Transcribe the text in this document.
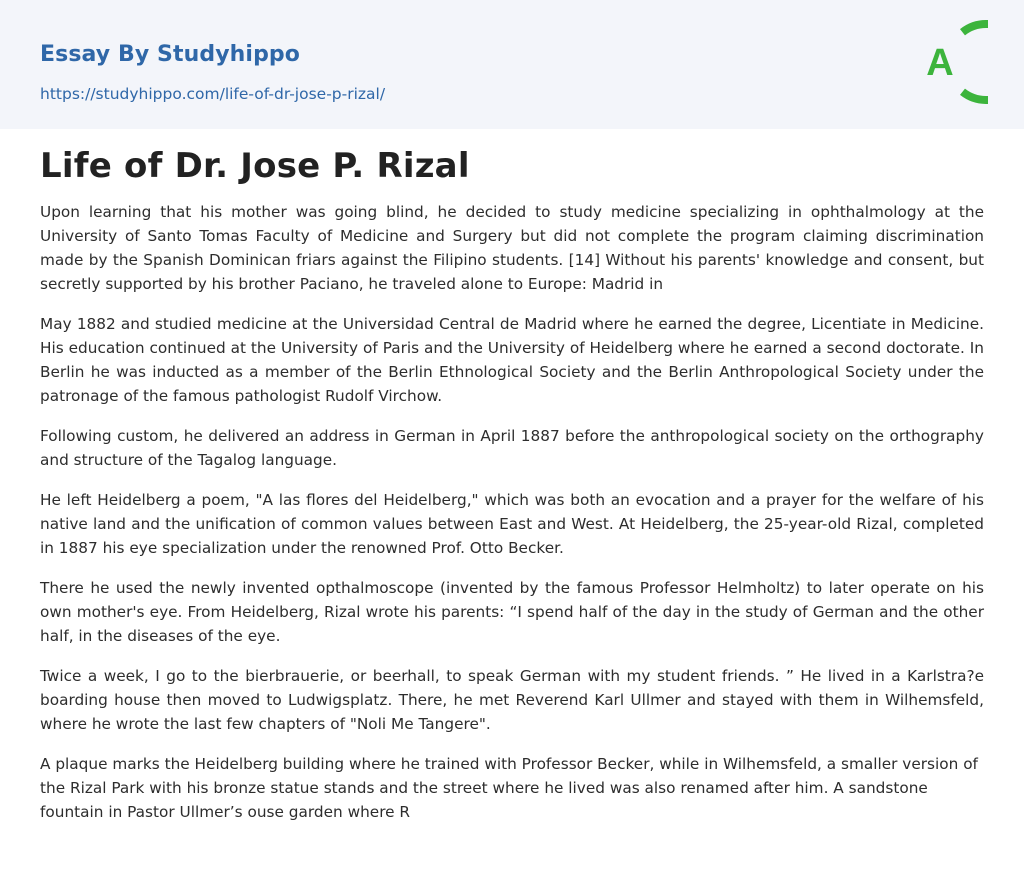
Essay By Studyhippo
https://studyhippo.com/life-of-dr-jose-p-rizal/
A
Life of Dr. Jose P. Rizal

Upon learning that his mother was going blind, he decided to study medicine specializing in ophthalmology at the University of Santo Tomas Faculty of Medicine and Surgery but did not complete the program claiming discrimination made by the Spanish Dominican friars against the Filipino students. [14] Without his parents' knowledge and consent, but secretly supported by his brother Paciano, he traveled alone to Europe: Madrid in

May 1882 and studied medicine at the Universidad Central de Madrid where he earned the degree, Licentiate in Medicine. His education continued at the University of Paris and the University of Heidelberg where he earned a second doctorate. In Berlin he was inducted as a member of the Berlin Ethnological Society and the Berlin Anthropological Society under the patronage of the famous pathologist Rudolf Virchow.

Following custom, he delivered an address in German in April 1887 before the anthropological society on the orthography and structure of the Tagalog language.

He left Heidelberg a poem, "A las flores del Heidelberg," which was both an evocation and a prayer for the welfare of his native land and the unification of common values between East and West. At Heidelberg, the 25-year-old Rizal, completed in 1887 his eye specialization under the renowned Prof. Otto Becker.

There he used the newly invented opthalmoscope (invented by the famous Professor Helmholtz) to later operate on his own mother's eye. From Heidelberg, Rizal wrote his parents: “I spend half of the day in the study of German and the other half, in the diseases of the eye.

Twice a week, I go to the bierbrauerie, or beerhall, to speak German with my student friends. ” He lived in a Karlstra?e boarding house then moved to Ludwigsplatz. There, he met Reverend Karl Ullmer and stayed with them in Wilhemsfeld, where he wrote the last few chapters of "Noli Me Tangere".

A plaque marks the Heidelberg building where he trained with Professor Becker, while in Wilhemsfeld, a smaller version of the Rizal Park with his bronze statue stands and the street where he lived was also renamed after him. A sandstone fountain in Pastor Ullmer’s ouse garden where R
